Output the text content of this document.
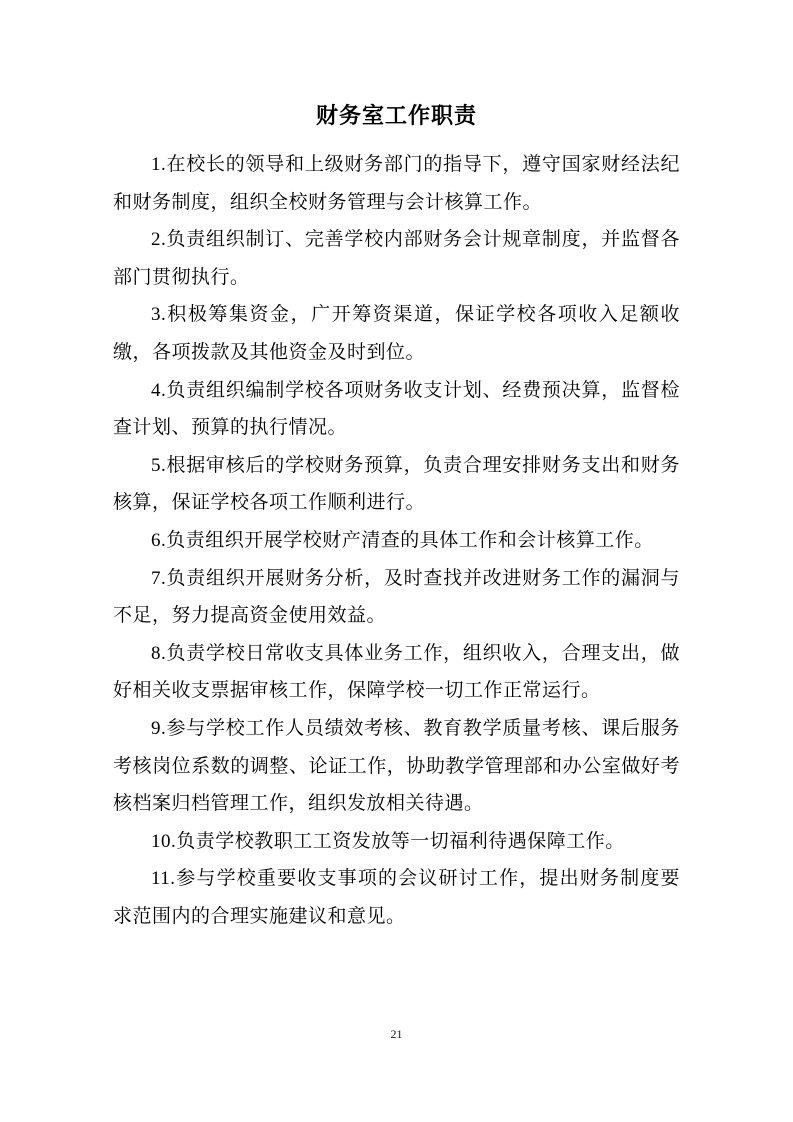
财务室工作职责

1.在校长的领导和上级财务部门的指导下，遵守国家财经法纪和财务制度，组织全校财务管理与会计核算工作。

2.负责组织制订、完善学校内部财务会计规章制度，并监督各部门贯彻执行。

3.积极筹集资金，广开筹资渠道，保证学校各项收入足额收缴，各项拨款及其他资金及时到位。

4.负责组织编制学校各项财务收支计划、经费预决算，监督检查计划、预算的执行情况。

5.根据审核后的学校财务预算，负责合理安排财务支出和财务核算，保证学校各项工作顺利进行。

6.负责组织开展学校财产清查的具体工作和会计核算工作。

7.负责组织开展财务分析，及时查找并改进财务工作的漏洞与不足，努力提高资金使用效益。

8.负责学校日常收支具体业务工作，组织收入，合理支出，做好相关收支票据审核工作，保障学校一切工作正常运行。

9.参与学校工作人员绩效考核、教育教学质量考核、课后服务考核岗位系数的调整、论证工作，协助教学管理部和办公室做好考核档案归档管理工作，组织发放相关待遇。

10.负责学校教职工工资发放等一切福利待遇保障工作。

11.参与学校重要收支事项的会议研讨工作，提出财务制度要求范围内的合理实施建议和意见。

21
